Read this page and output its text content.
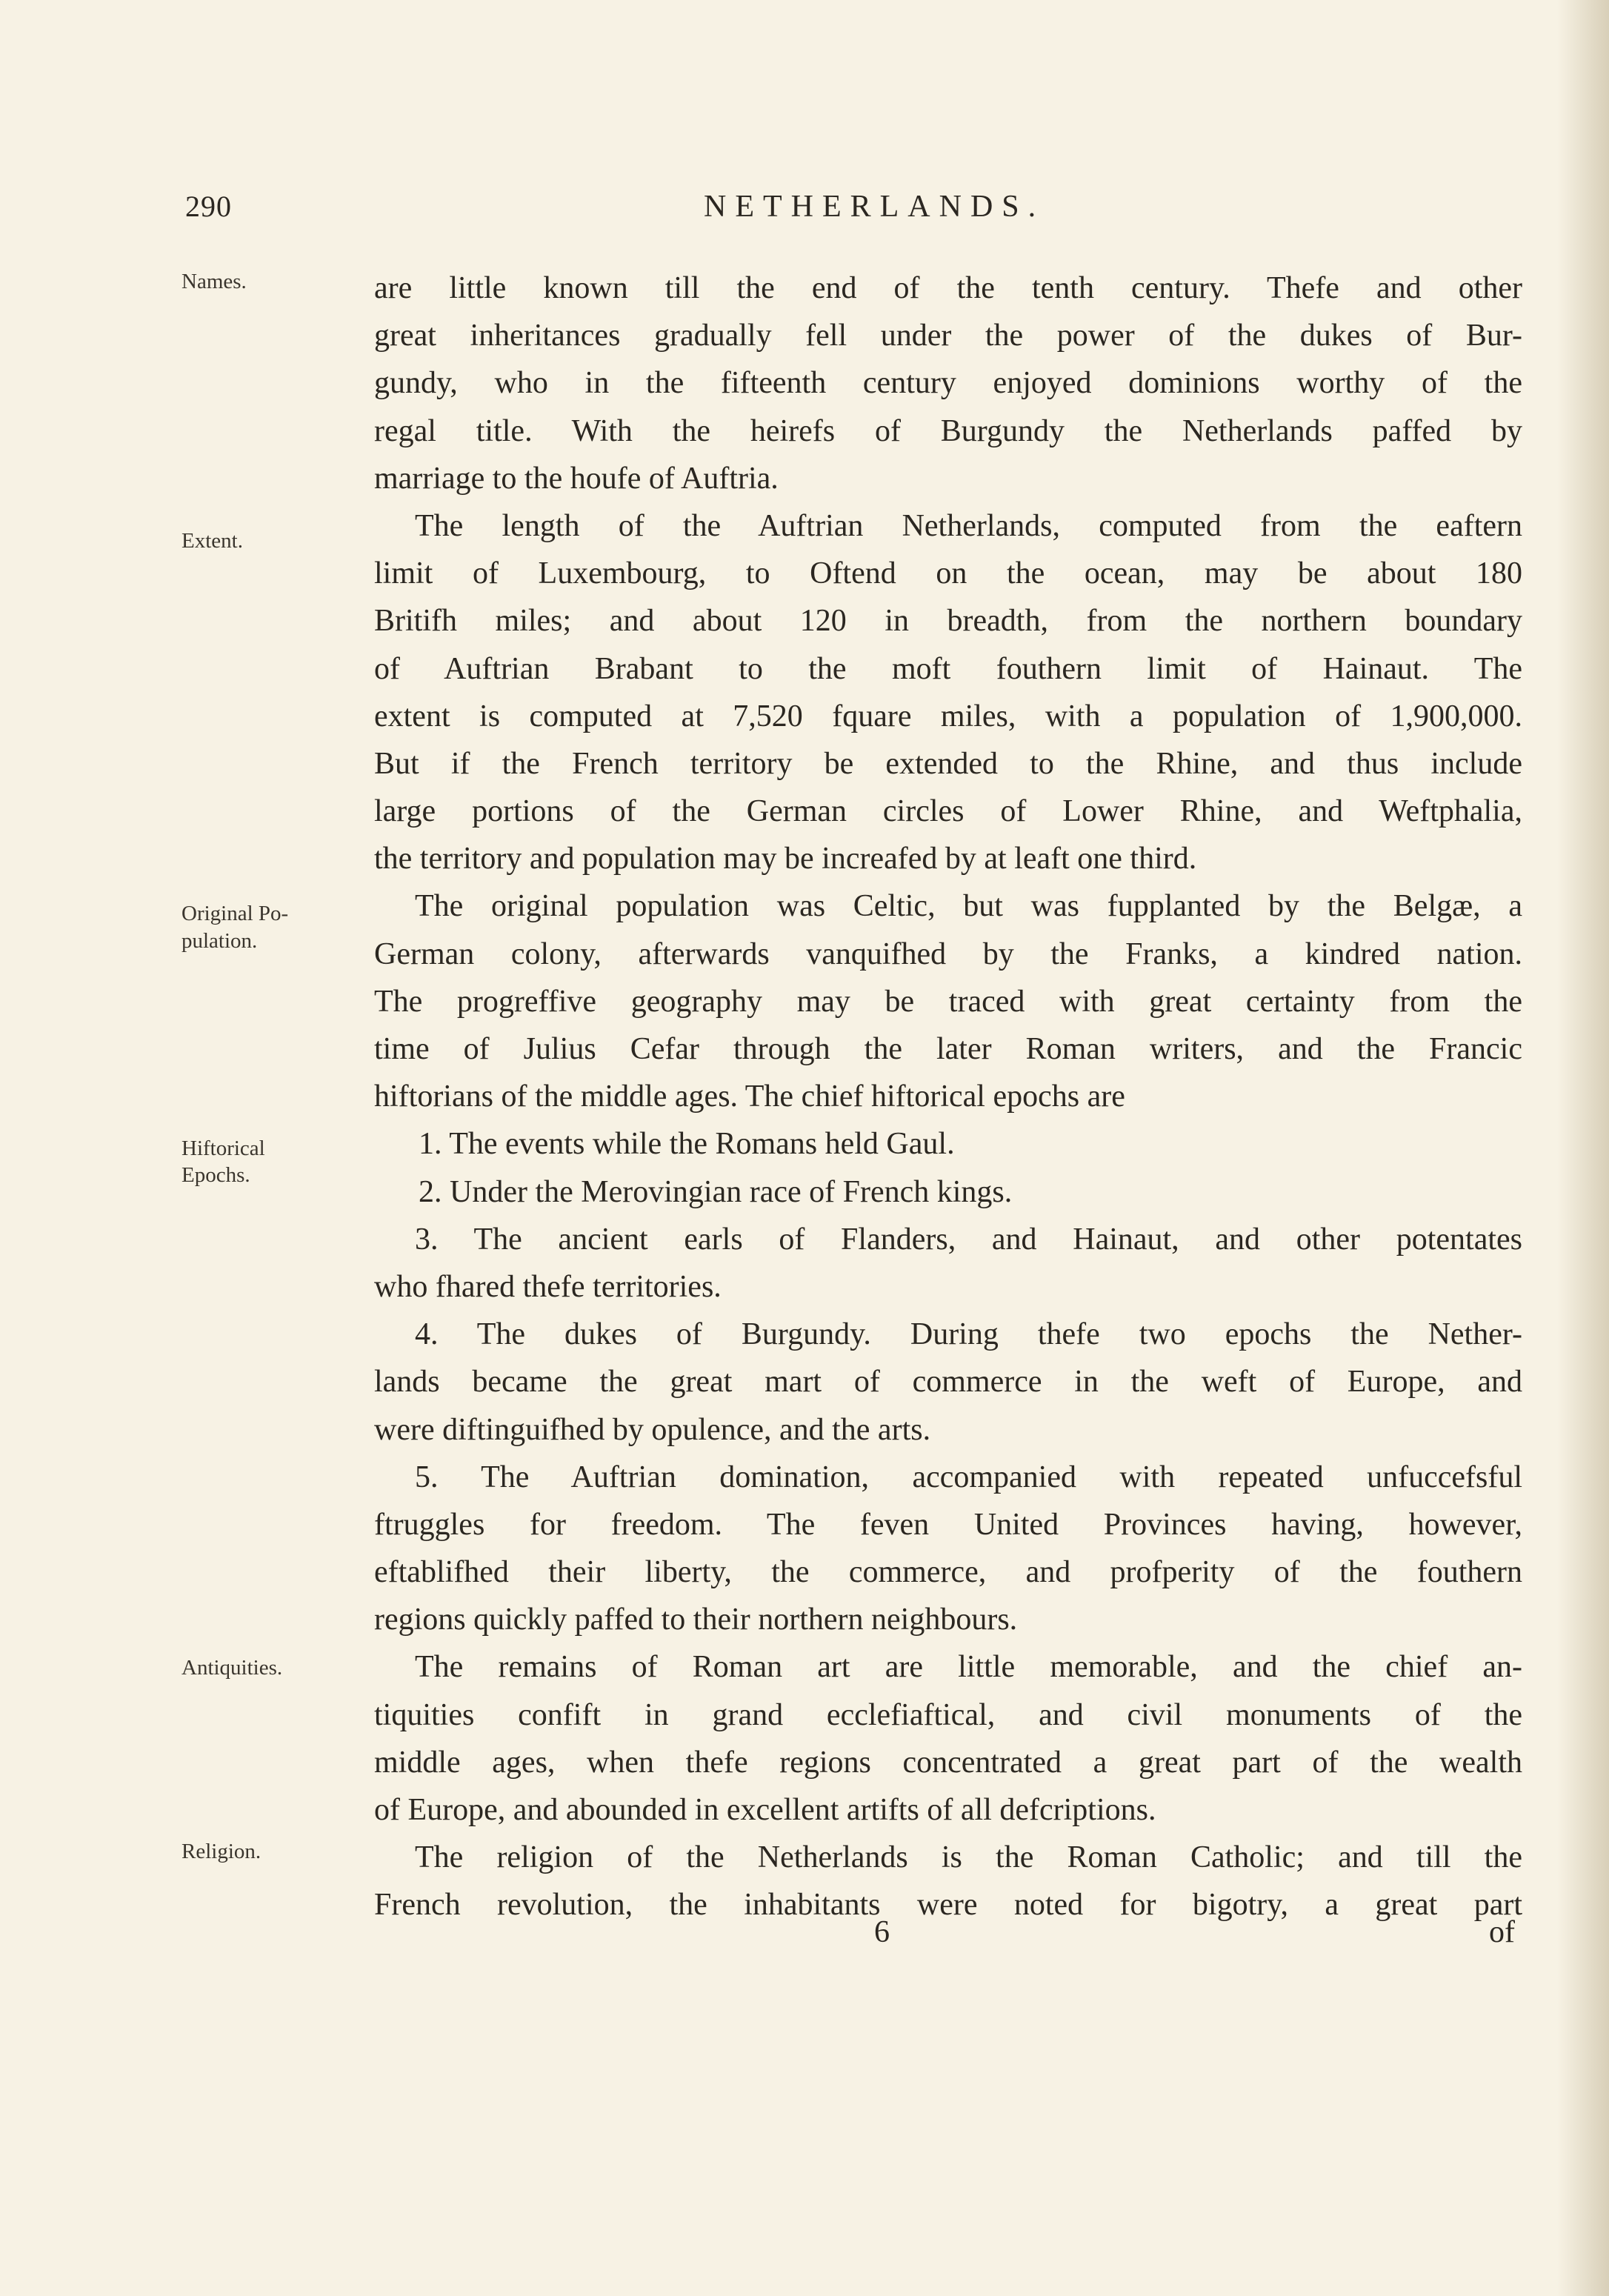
290	NETHERLANDS.
Names.
Extent.
Original Po-
pulation.
Hiftorical
Epochs.
Antiquities.
Religion.
are little known till the end of the tenth century. Thefe and other
great inheritances gradually fell under the power of the dukes of Bur-
gundy, who in the fifteenth century enjoyed dominions worthy of the
regal title. With the heirefs of Burgundy the Netherlands paffed by
marriage to the houfe of Auftria.
The length of the Auftrian Netherlands, computed from the eaftern
limit of Luxembourg, to Oftend on the ocean, may be about 180
Britifh miles; and about 120 in breadth, from the northern boundary
of Auftrian Brabant to the moft fouthern limit of Hainaut. The
extent is computed at 7,520 fquare miles, with a population of 1,900,000.
But if the French territory be extended to the Rhine, and thus include
large portions of the German circles of Lower Rhine, and Weftphalia,
the territory and population may be increafed by at leaft one third.
The original population was Celtic, but was fupplanted by the Belgæ, a
German colony, afterwards vanquifhed by the Franks, a kindred nation.
The progreffive geography may be traced with great certainty from the
time of Julius Cefar through the later Roman writers, and the Francic
hiftorians of the middle ages. The chief hiftorical epochs are
1. The events while the Romans held Gaul.
2. Under the Merovingian race of French kings.
3. The ancient earls of Flanders, and Hainaut, and other potentates
who fhared thefe territories.
4. The dukes of Burgundy. During thefe two epochs the Nether-
lands became the great mart of commerce in the weft of Europe, and
were diftinguifhed by opulence, and the arts.
5. The Auftrian domination, accompanied with repeated unfuccefsful
ftruggles for freedom. The feven United Provinces having, however,
eftablifhed their liberty, the commerce, and profperity of the fouthern
regions quickly paffed to their northern neighbours.
The remains of Roman art are little memorable, and the chief an-
tiquities confift in grand ecclefiaftical, and civil monuments of the
middle ages, when thefe regions concentrated a great part of the wealth
of Europe, and abounded in excellent artifts of all defcriptions.
The religion of the Netherlands is the Roman Catholic; and till the
French revolution, the inhabitants were noted for bigotry, a great part
6	of
